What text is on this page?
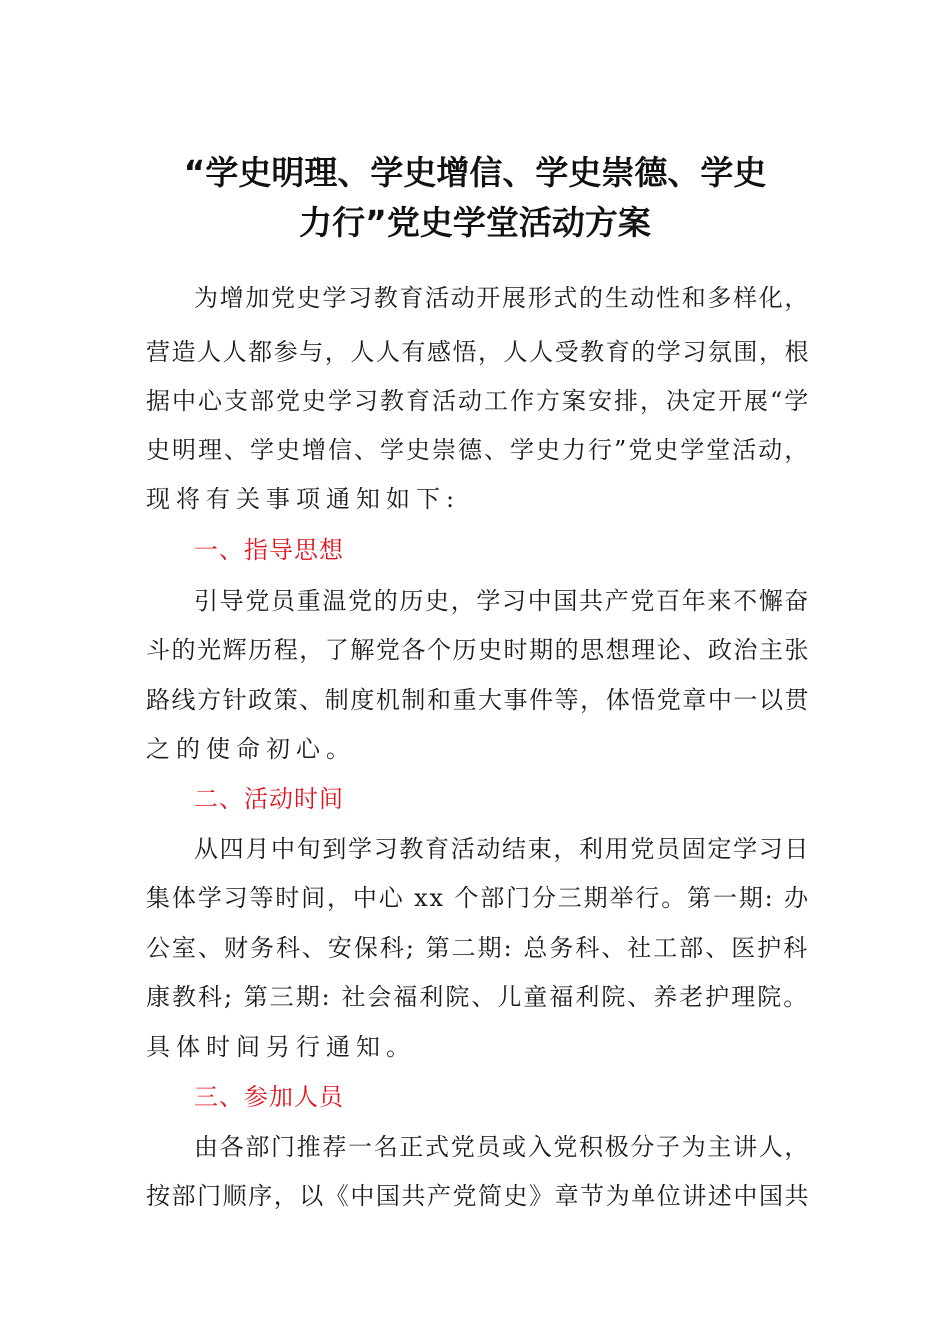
“学史明理、学史增信、学史崇德、学史
力行”党史学堂活动方案
为增加党史学习教育活动开展形式的生动性和多样化，
营造人人都参与，人人有感悟，人人受教育的学习氛围，根
据中心支部党史学习教育活动工作方案安排，决定开展“学
史明理、学史增信、学史崇德、学史力行”党史学堂活动，
现将有关事项通知如下:
一、指导思想
引导党员重温党的历史，学习中国共产党百年来不懈奋
斗的光辉历程，了解党各个历史时期的思想理论、政治主张
路线方针政策、制度机制和重大事件等，体悟党章中一以贯
之的使命初心。
二、活动时间
从四月中旬到学习教育活动结束，利用党员固定学习日
集体学习等时间，中心 xx 个部门分三期举行。第一期: 办
公室、财务科、安保科; 第二期: 总务科、社工部、医护科
康教科; 第三期: 社会福利院、儿童福利院、养老护理院。
具体时间另行通知。
三、参加人员
由各部门推荐一名正式党员或入党积极分子为主讲人，
按部门顺序，以《中国共产党简史》章节为单位讲述中国共
